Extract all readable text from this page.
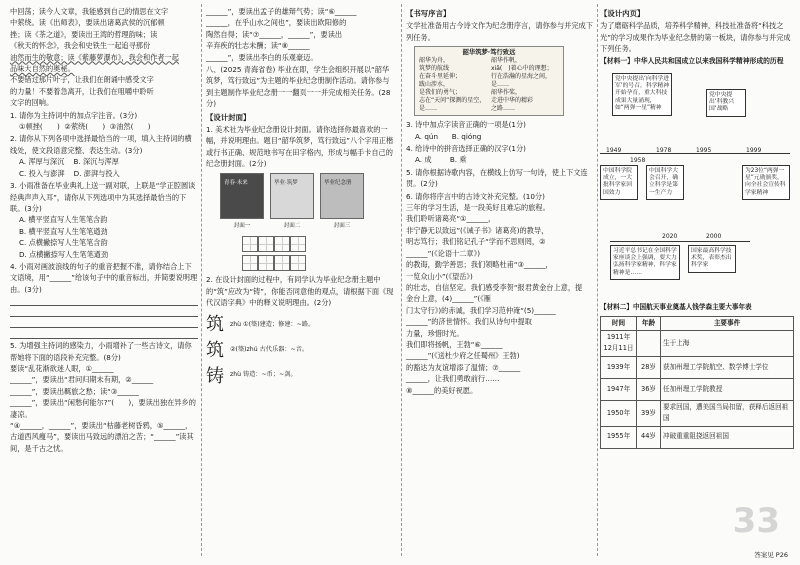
中回荡；读今人文章，我能感到自己的情思在文字

中萦绕。读《出师表》，要读出诸葛武侯的沉郁顿

挫；读《茶之道》，要读出王湾的哲理韵味；读

《秋天的怀念》，我会和史铁生一起追寻那份

油然而生的敬意；读《紫藤萝瀑布》，我会和作者一起

品味大自然的奥秘。

不要错过那片叶子，让我们在朗诵中感受文字

的力量！不要着急离开，让我们在咀嚼中聆听

文字的回响。

1. 请你为主持词中的加点字注音。(3分)

①顿挫(　　) ②萦绕(　　) ③油然(　　)

2. 请你从下列各项中选择最恰当的一项，填入主持词的横线处，使文段语意完整、表达生动。(3分)

A. 浑厚与深沉 B. 深沉与浑厚

C. 投入与澎湃 D. 澎湃与投入

3. 小雨准备在毕业典礼上送一副对联，上联是“学正腔圆谈经典声声入耳”，请你从下列选项中为其选择最恰当的下联。(3分)

A. 横平竖直写人生笔笔含韵

B. 横平竖直写人生笔笔遒劲

C. 点横撇捺写人生笔笔含韵

D. 点横撇捺写人生笔笔遒劲

4. 小雨对画波浪线的句子的重音把握不准，请你结合上下文语境，用“______”给该句子中的重音标出，并简要说明理由。(3分)

5. 为增强主持词的感染力，小雨增补了一些古诗文，请你帮她将下面的语段补充完整。(8分)

要读“乱花渐欲迷人眼，①______

______”，要读出“君问归期未有期，②______

______”，要读出羁旅之愁；读“③______

______”，要读出“闲愁何能尔?”(　　)，要读出独在异乡的凄凉。

“④______，______”，要读出“枯藤老树昏鸦，⑤______，

古道西风瘦马”，要读出马致远的漂泊之苦；“______”读其

间，是千古之忧。

______”，要读出孟子的雄辩气势；读“⑥______

______，在乎山水之间也”，要读出欧阳修的

陶然自得；读“⑦______，______”，要读出

辛弃疾的壮志未酬；读“⑧______

______”，要读出李白的乐观豪迈。

八、(2025 青海省卷) 毕业在即，学生会组织开展以“韶华筑梦，笃行致远”为主题的毕业纪念册制作活动。请你参与到主题制作毕业纪念册一一翻页一一并完成相关任务。(28分)

【设计封面】

1. 美术社为毕业纪念册设计封面。请你选择你最喜欢的一幅，并说明理由。题目“韶华筑梦，笃行致远”八个字用正楷或行书正确、规范地书写在田字格内，形成与幅手卡自己的纪念册封面。(2分)

青春·未来	毕业·筑梦	毕业纪念册
封面一	封面二	封面三

2. 在设计封面的过程中，有同学认为毕业纪念册主题中的“筑”应改为“铸”，你能否同意他的观点，请根据下面《现代汉语字典》中的释义说明理由。(2分)

筑
筑
铸

zhù ①(築)建造；修建：~路。

②(築)zhú 古代乐器：~音。

zhù 铸造：~币；~剑。

【书写序言】

文学社准备用古今诗文作为纪念册序言，请你参与并完成下列任务。

韶华筑梦·笃行致远

韶华为舟，

筑梦的航线

在奋斗里延伸；

跋山涉水，

是我们的勇气；

志在“天问”探测的星空，

是……

韶华作帆，

xiā(　)着心中的理想；

行在浩瀚的星海之间，

是……

韶华作桨，

走进中华的精彩

之路……

3. 诗中加点字读音正确的一项是(1分)

A. qún B. qióng

4. 给诗中的拼音选择正确的汉字(1分)

A. 成	B. 乘

5. 请你根据诗歌内容，在横线上仿写一句诗，使上下文连贯。(2分)

6. 请你将序言中的古诗文补充完整。(10分)

三年的学习生活，是一段美好且难忘的旅程。

我们聆听诸葛亮“①______，

非宁静无以致远”(《诫子书》诸葛亮)的教导，

明志笃行；我们铭记孔子“学而不思则罔，②

______”(《论语十二章》)

的教诲，勤学善思；我们领略杜甫“③______，

一览众山小”(《望岳》)

的壮志，自信坚定。我们感受李贺“报君黄金台上意，提

金台上意，(4)______”(《雁

门太守行》)的赤诚，我们学习范仲淹“(5)______

______”的济世情怀。我们从诗句中提取

力量，珍惜时光。

我们即将扬帆，王勃“⑥______

______”(《送杜少府之任蜀州》王勃)

的豁达为友谊增添了温情；⑦______

______，让我们勇敢前行……

⑧______的美好祝愿。

【设计内页】

为了磨砺科学品质，培养科学精神，科技社准备将“科技之光”的学习成果作为毕业纪念册的第一板块，请你参与并完成下列任务。

【材料一】中华人民共和国成立以来我国科学精神形成的历程

党中央提出‘向科学进军’的号召，科学精神开始孕育，重大科技成果大量涌现，如“两弹一星”精神
党中央提出‘科教兴国’战略
1949	1978	1995	1999
1958
中国科学院成立，一大批科学家回国效力
中国科学大会召开，确立科学是第一生产力
为23位“两弹一星”元勋颁奖，向全社会宣传科学家精神
2020	2000
习近平总书记在全国科学家座谈会上强调，要大力弘扬科学家精神，科学家精神是……
国家最高科学技术奖，表彰杰出科学家

【材料二】中国航天事业奠基人钱学森主要大事年表

时间	年龄	主要事件
1911年12月11日		生于上海
1939年	28岁	获加州理工学院航空、数学博士学位
1947年	36岁	任加州理工学院教授
1950年	39岁	要求回国，遭美国当局扣留，获释后返回祖国
1955年	44岁	冲破重重阻挠返回祖国
33
答案见 P26
